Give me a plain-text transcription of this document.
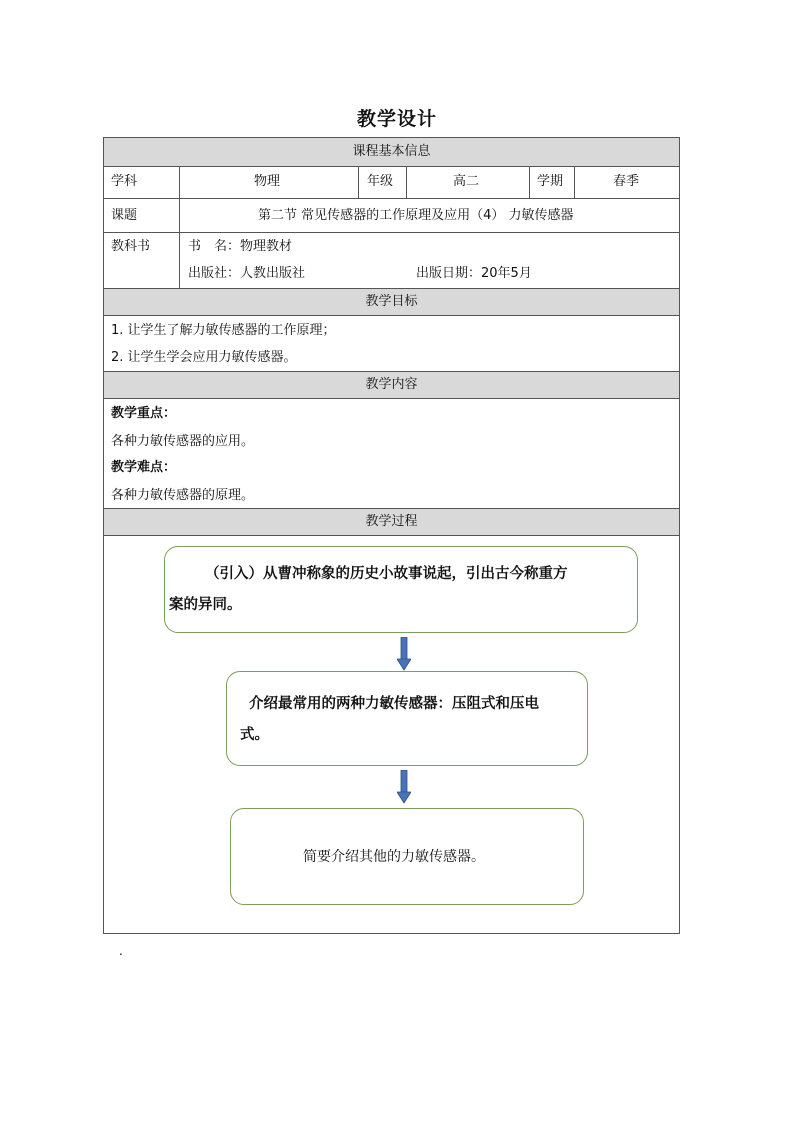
教学设计
课程基本信息
教学目标
教学内容
教学过程
学科	物理	年级	高二	学期	春季
课题	第二节 常见传感器的工作原理及应用（4） 力敏传感器
教科书	书　名：物理教材
出版社：人教出版社	出版日期：20年5月
1. 让学生了解力敏传感器的工作原理；
2. 让学生学会应用力敏传感器。
教学重点：
各种力敏传感器的应用。
教学难点：
各种力敏传感器的原理。
（引入）从曹冲称象的历史小故事说起，引出古今称重方
案的异同。
介绍最常用的两种力敏传感器：压阻式和压电
式。
简要介绍其他的力敏传感器。
.
